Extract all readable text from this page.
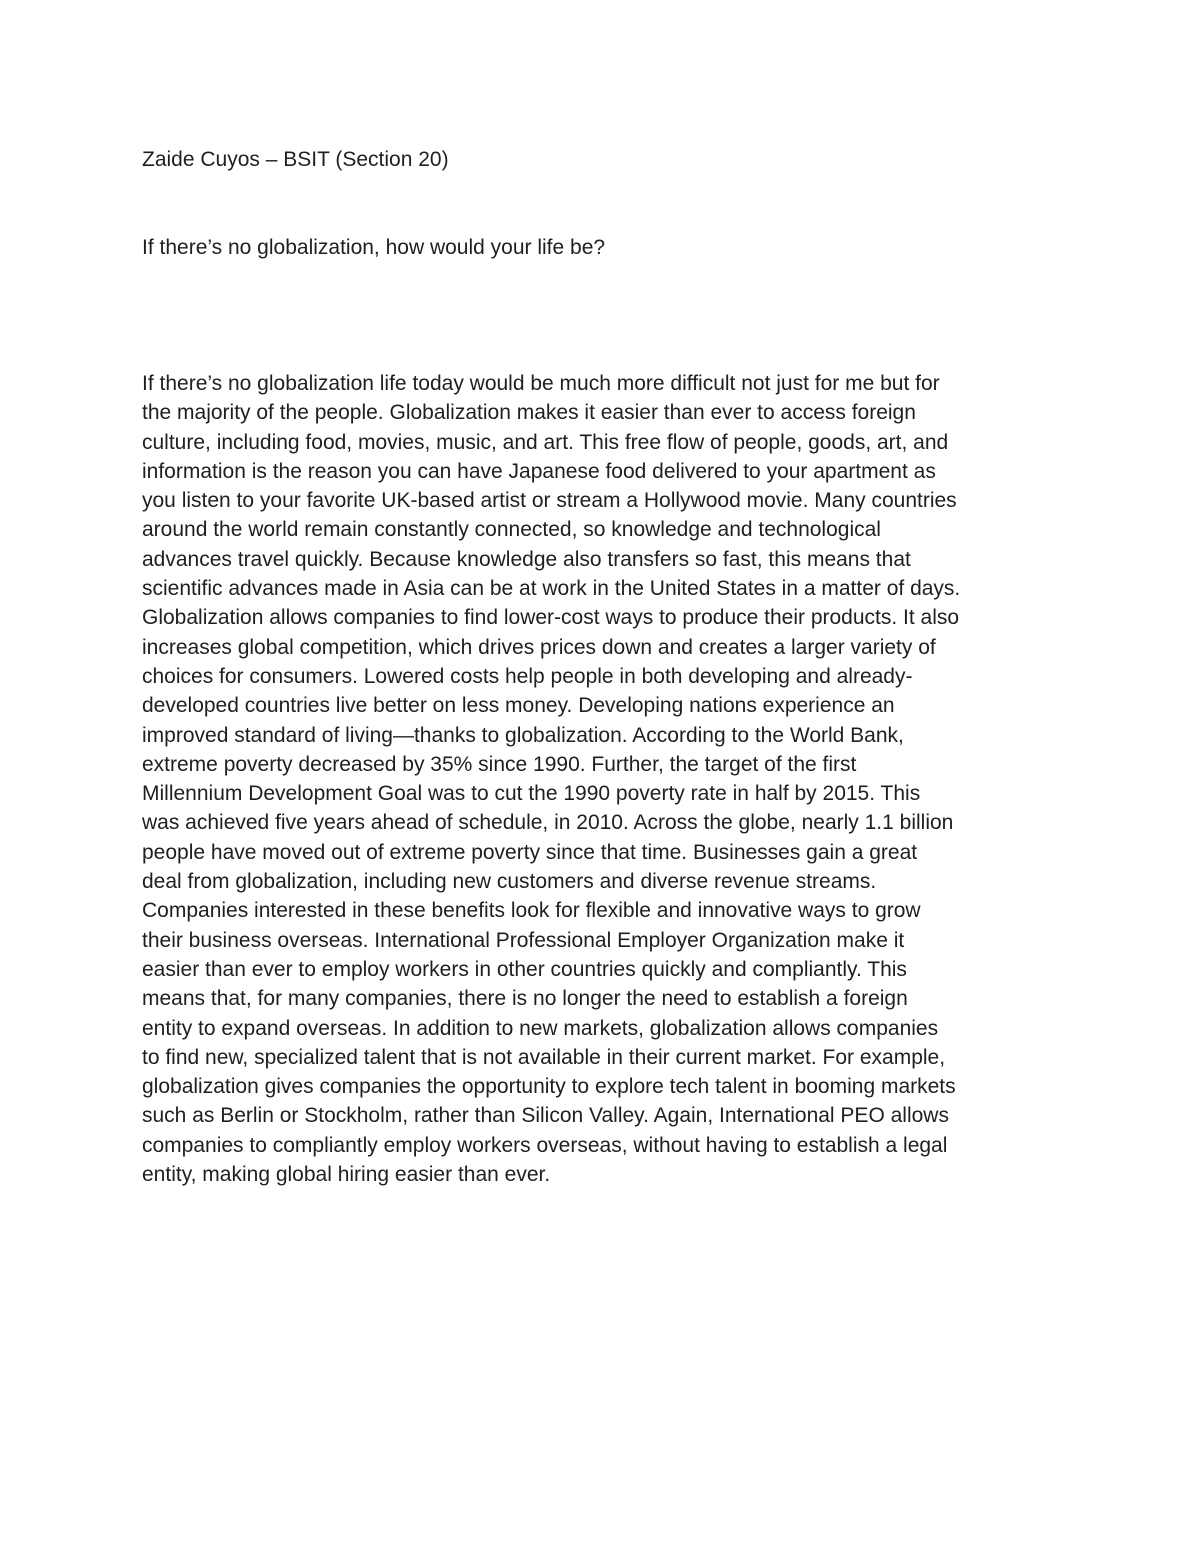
Zaide Cuyos – BSIT (Section 20)
If there’s no globalization, how would your life be?
If there’s no globalization life today would be much more difficult not just for me but for
the majority of the people. Globalization makes it easier than ever to access foreign
culture, including food, movies, music, and art. This free flow of people, goods, art, and
information is the reason you can have Japanese food delivered to your apartment as
you listen to your favorite UK-based artist or stream a Hollywood movie. Many countries
around the world remain constantly connected, so knowledge and technological
advances travel quickly. Because knowledge also transfers so fast, this means that
scientific advances made in Asia can be at work in the United States in a matter of days.
Globalization allows companies to find lower-cost ways to produce their products. It also
increases global competition, which drives prices down and creates a larger variety of
choices for consumers. Lowered costs help people in both developing and already-
developed countries live better on less money. Developing nations experience an
improved standard of living—thanks to globalization. According to the World Bank,
extreme poverty decreased by 35% since 1990. Further, the target of the first
Millennium Development Goal was to cut the 1990 poverty rate in half by 2015. This
was achieved five years ahead of schedule, in 2010. Across the globe, nearly 1.1 billion
people have moved out of extreme poverty since that time. Businesses gain a great
deal from globalization, including new customers and diverse revenue streams.
Companies interested in these benefits look for flexible and innovative ways to grow
their business overseas. International Professional Employer Organization make it
easier than ever to employ workers in other countries quickly and compliantly. This
means that, for many companies, there is no longer the need to establish a foreign
entity to expand overseas. In addition to new markets, globalization allows companies
to find new, specialized talent that is not available in their current market. For example,
globalization gives companies the opportunity to explore tech talent in booming markets
such as Berlin or Stockholm, rather than Silicon Valley. Again, International PEO allows
companies to compliantly employ workers overseas, without having to establish a legal
entity, making global hiring easier than ever.
